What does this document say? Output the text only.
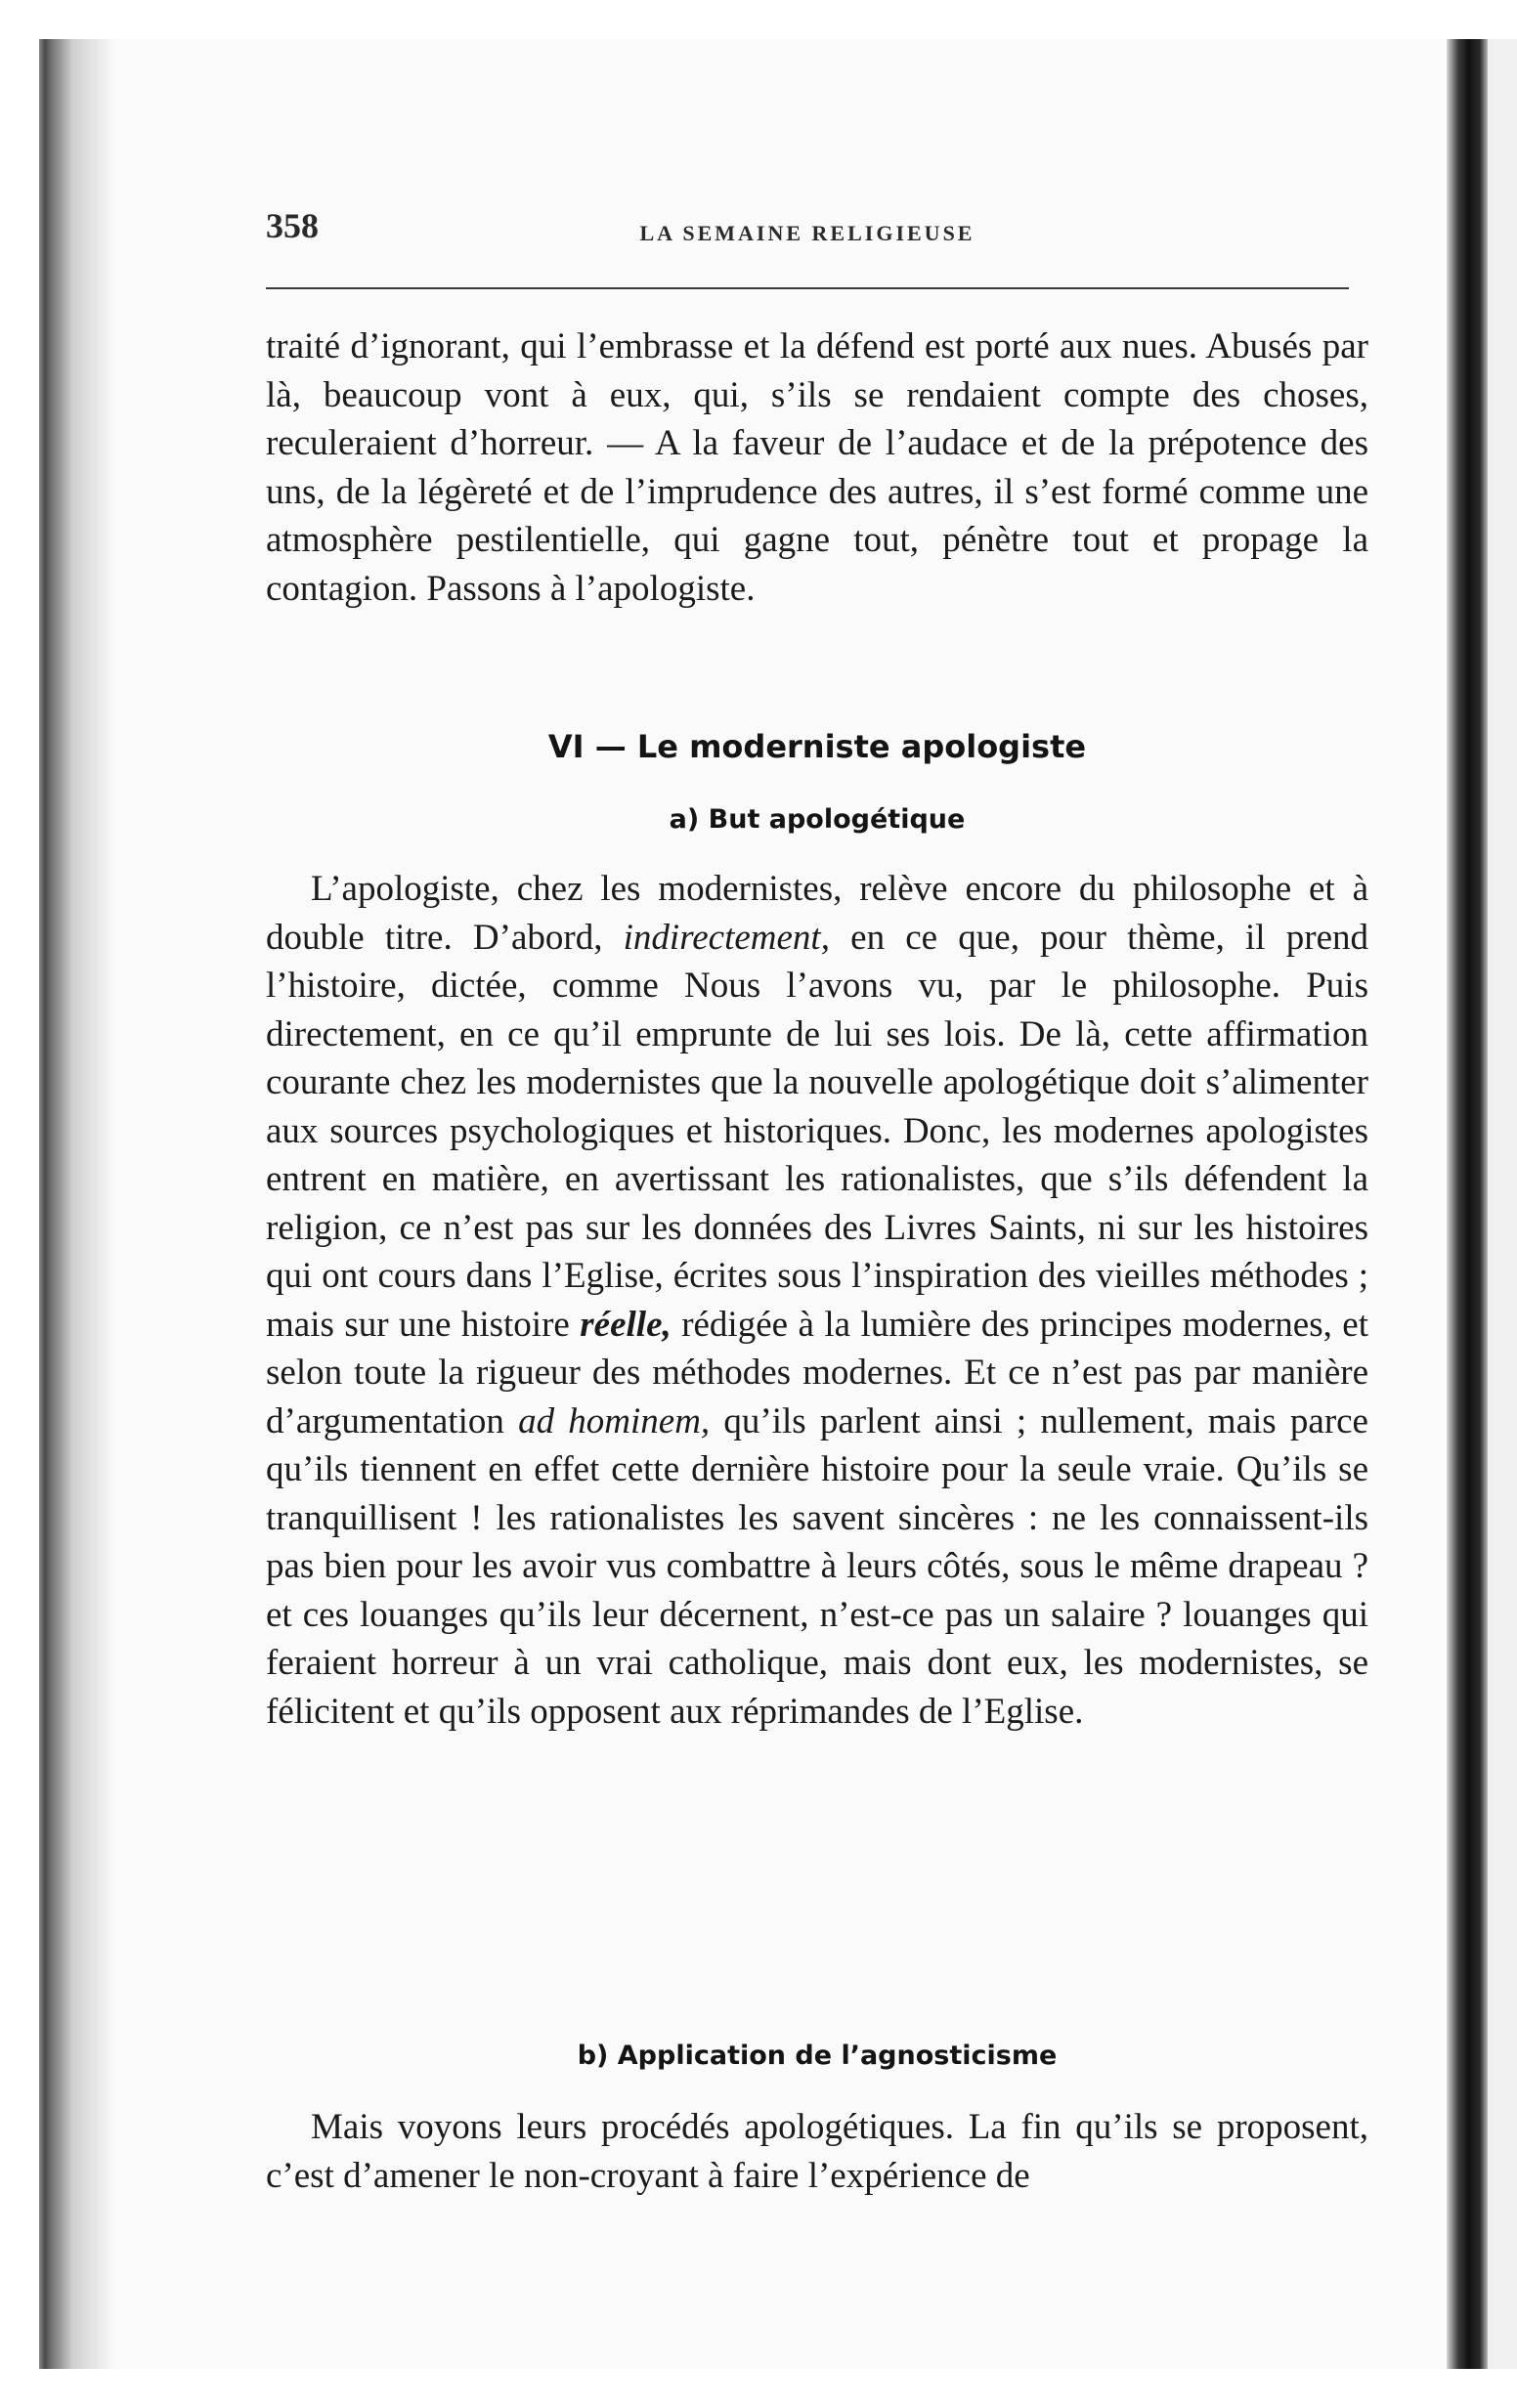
358	LA SEMAINE RELIGIEUSE

traité d’ignorant, qui l’embrasse et la défend est porté aux nues. Abusés par là, beaucoup vont à eux, qui, s’ils se rendaient compte des choses, reculeraient d’horreur. — A la faveur de l’audace et de la prépotence des uns, de la légèreté et de l’imprudence des autres, il s’est formé comme une atmosphère pestilentielle, qui gagne tout, pénètre tout et propage la contagion. Passons à l’apologiste.

VI — Le moderniste apologiste
a) But apologétique

L’apologiste, chez les modernistes, relève encore du philosophe et à double titre. D’abord, indirectement, en ce que, pour thème, il prend l’histoire, dictée, comme Nous l’avons vu, par le philosophe. Puis directement, en ce qu’il emprunte de lui ses lois. De là, cette affirmation courante chez les modernistes que la nouvelle apologétique doit s’alimenter aux sources psychologiques et historiques. Donc, les modernes apologistes entrent en matière, en avertissant les rationalistes, que s’ils défendent la religion, ce n’est pas sur les données des Livres Saints, ni sur les histoires qui ont cours dans l’Eglise, écrites sous l’inspiration des vieilles méthodes ; mais sur une histoire réelle, rédigée à la lumière des principes modernes, et selon toute la rigueur des méthodes modernes. Et ce n’est pas par manière d’argumentation ad hominem, qu’ils parlent ainsi ; nullement, mais parce qu’ils tiennent en effet cette dernière histoire pour la seule vraie. Qu’ils se tranquillisent ! les rationalistes les savent sincères : ne les connaissent-ils pas bien pour les avoir vus combattre à leurs côtés, sous le même drapeau ? et ces louanges qu’ils leur décernent, n’est-ce pas un salaire ? louanges qui feraient horreur à un vrai catholique, mais dont eux, les modernistes, se félicitent et qu’ils opposent aux réprimandes de l’Eglise.

b) Application de l’agnosticisme

Mais voyons leurs procédés apologétiques. La fin qu’ils se proposent, c’est d’amener le non-croyant à faire l’expérience de
